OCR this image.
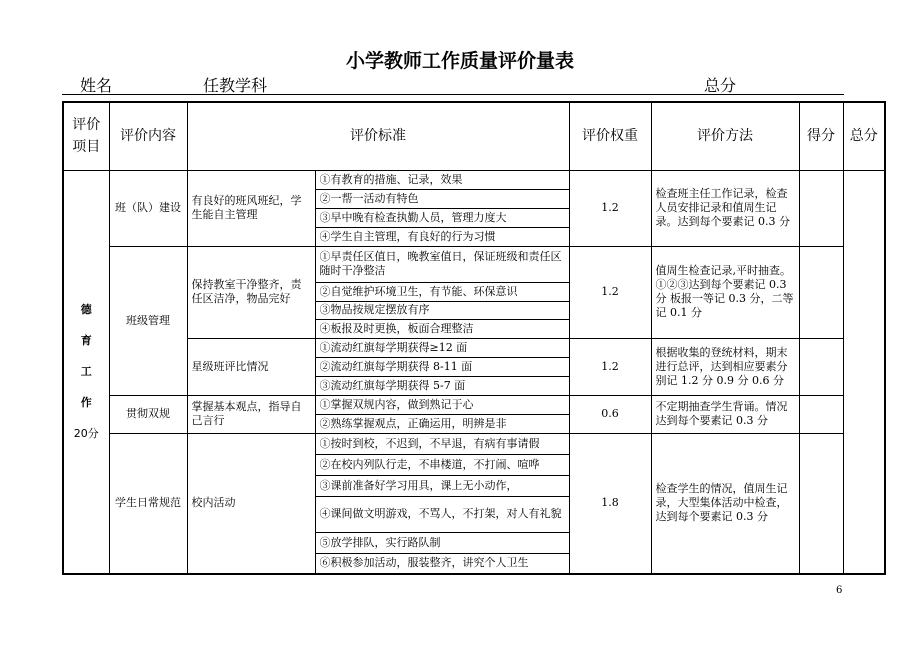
小学教师工作质量评价量表
姓名	任教学科	总分
评价
项目	评价内容	评价标准		评价权重	评价方法	得分	总分

德
育
工
作
20分	班（队）建设	有良好的班风班纪，学生能自主管理	①有教育的措施、记录，效果	1.2	检查班主任工作记录，检查人员安排记录和值周生记录。达到每个要素记 0.3 分		
			②一帮一活动有特色				
			③早中晚有检查执勤人员，管理力度大				
			④学生自主管理，有良好的行为习惯				
	班级管理	保持教室干净整齐，责任区洁净，物品完好	①早责任区值日，晚教室值日，保证班级和责任区随时干净整洁	1.2	值周生检查记录,平时抽查。①②③达到每个要素记 0.3 分 板报一等记 0.3 分，二等记 0.1 分		
			②自觉维护环境卫生，有节能、环保意识				
			③物品按规定摆放有序				
			④板报及时更换，板面合理整洁				
		星级班评比情况	①流动红旗每学期获得≥12 面	1.2	根据收集的登统材料，期末进行总评，达到相应要素分别记 1.2 分 0.9 分 0.6 分		
			②流动红旗每学期获得 8-11 面				
			③流动红旗每学期获得 5-7 面				
	贯彻双规	掌握基本观点，指导自己言行	①掌握双规内容，做到熟记于心	0.6	不定期抽查学生背诵。情况达到每个要素记 0.3 分		
			②熟练掌握观点，正确运用，明辨是非				
	学生日常规范	校内活动	①按时到校，不迟到，不早退，有病有事请假	1.8	检查学生的情况，值周生记录，大型集体活动中检查，达到每个要素记 0.3 分		
			②在校内列队行走，不串楼道，不打闹、喧哗				
			③课前准备好学习用具，课上无小动作，				
			④课间做文明游戏，不骂人，不打架，对人有礼貌				
			⑤放学排队，实行路队制				
			⑥积极参加活动，服装整齐，讲究个人卫生				
6
